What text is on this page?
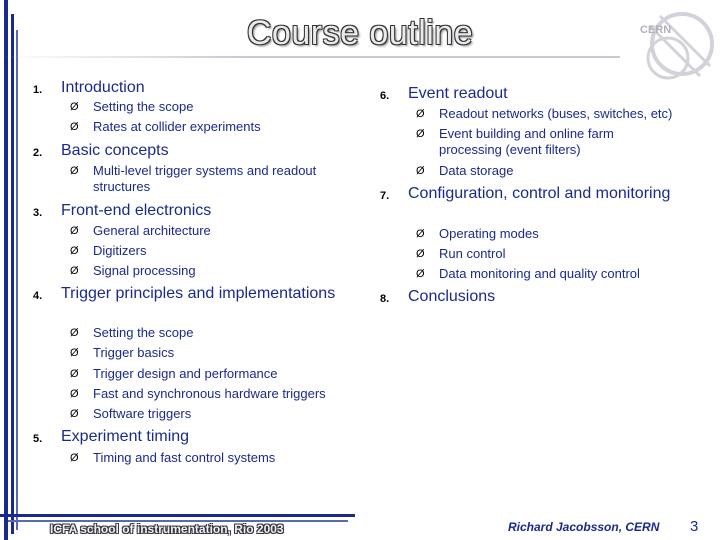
Course outline	CERN
1. Introduction
Ø Setting the scope
Ø Rates at collider experiments
2. Basic concepts
Ø Multi-level trigger systems and readout structures
3. Front-end electronics
Ø General architecture
Ø Digitizers
Ø Signal processing
4. Trigger principles and implementations
Ø Setting the scope
Ø Trigger basics
Ø Trigger design and performance
Ø Fast and synchronous hardware triggers
Ø Software triggers
5. Experiment timing
Ø Timing and fast control systems
6. Event readout
Ø Readout networks (buses, switches, etc)
Ø Event building and online farm processing (event filters)
Ø Data storage
7. Configuration, control and monitoring
Ø Operating modes
Ø Run control
Ø Data monitoring and quality control
8. Conclusions
ICFA school of instrumentation, Rio 2003	Richard Jacobsson, CERN 3
